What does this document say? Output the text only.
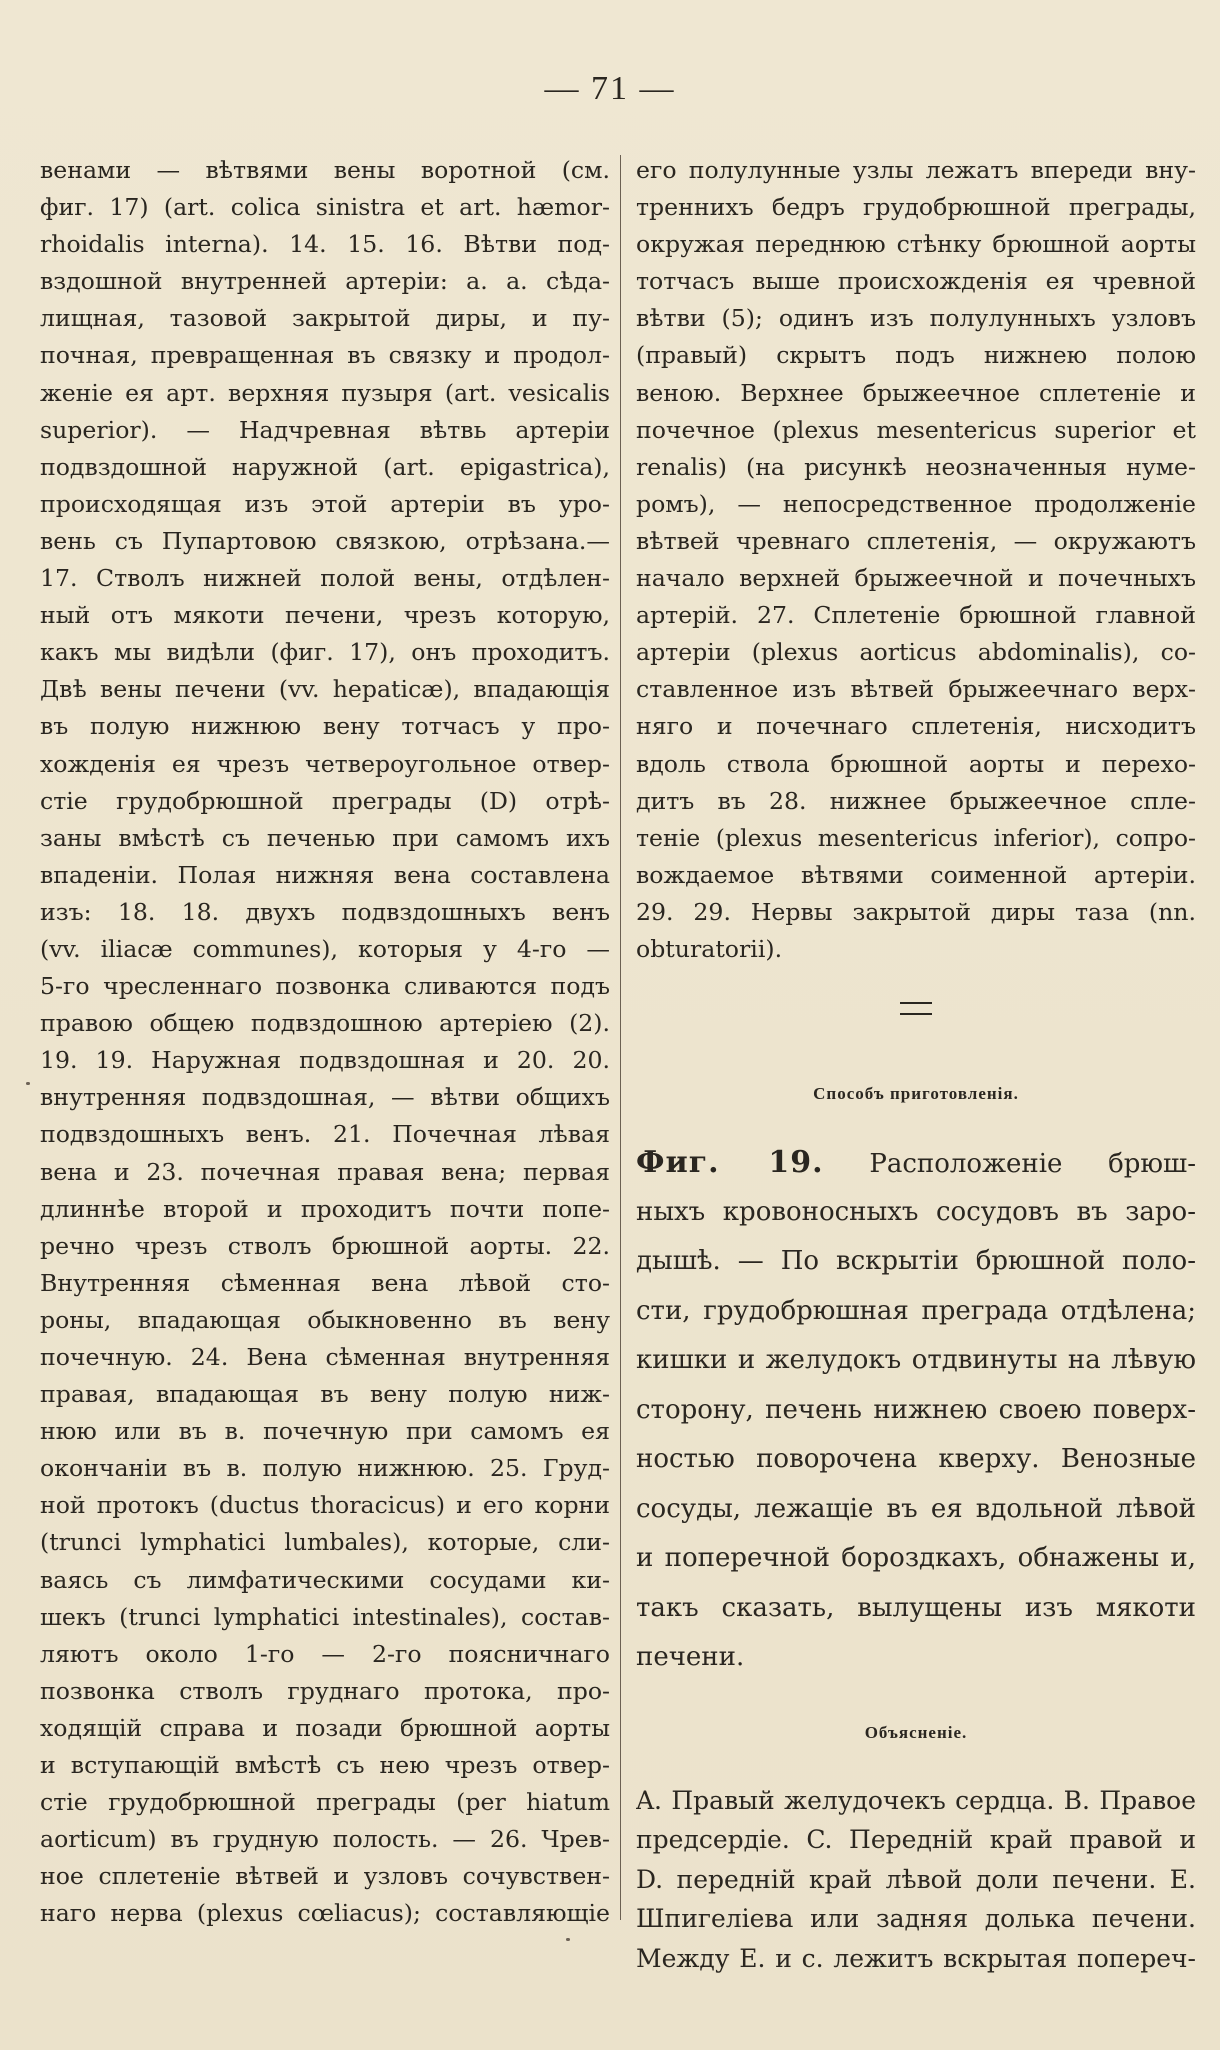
— 71 —
венами — вѣтвями вены воротной (см.
фиг. 17) (art. colica sinistra et art. hæmor-
rhoidalis interna). 14. 15. 16. Вѣтви под-
вздошной внутренней артеріи: a. a. сѣда-
лищная, тазовой закрытой диры, и пу-
почная, превращенная въ связку и продол-
женіе ея арт. верхняя пузыря (art. vesicalis
superior). — Надчревная вѣтвь артеріи
подвздошной наружной (art. epigastrica),
происходящая изъ этой артеріи въ уро-
вень съ Пупартовою связкою, отрѣзана.—
17. Стволъ нижней полой вены, отдѣлен-
ный отъ мякоти печени, чрезъ которую,
какъ мы видѣли (фиг. 17), онъ проходитъ.
Двѣ вены печени (vv. hepaticæ), впадающія
въ полую нижнюю вену тотчасъ у про-
хожденія ея чрезъ четвероугольное отвер-
стіе грудобрюшной преграды (D) отрѣ-
заны вмѣстѣ съ печенью при самомъ ихъ
впаденіи. Полая нижняя вена составлена
изъ: 18. 18. двухъ подвздошныхъ венъ
(vv. iliacæ communes), которыя у 4-го —
5-го чресленнаго позвонка сливаются подъ
правою общею подвздошною артеріею (2).
19. 19. Наружная подвздошная и 20. 20.
внутренняя подвздошная, — вѣтви общихъ
подвздошныхъ венъ. 21. Почечная лѣвая
вена и 23. почечная правая вена; первая
длиннѣе второй и проходитъ почти попе-
речно чрезъ стволъ брюшной аорты. 22.
Внутренняя сѣменная вена лѣвой сто-
роны, впадающая обыкновенно въ вену
почечную. 24. Вена сѣменная внутренняя
правая, впадающая въ вену полую ниж-
нюю или въ в. почечную при самомъ ея
окончаніи въ в. полую нижнюю. 25. Груд-
ной протокъ (ductus thoracicus) и его корни
(trunci lymphatici lumbales), которые, сли-
ваясь съ лимфатическими сосудами ки-
шекъ (trunci lymphatici intestinales), состав-
ляютъ около 1-го — 2-го поясничнаго
позвонка стволъ груднаго протока, про-
ходящій справа и позади брюшной аорты
и вступающій вмѣстѣ съ нею чрезъ отвер-
стіе грудобрюшной преграды (per hiatum
aorticum) въ грудную полость. — 26. Чрев-
ное сплетеніе вѣтвей и узловъ сочувствен-
наго нерва (plexus cœliacus); составляющіе
его полулунные узлы лежатъ впереди вну-
треннихъ бедръ грудобрюшной преграды,
окружая переднюю стѣнку брюшной аорты
тотчасъ выше происхожденія ея чревной
вѣтви (5); одинъ изъ полулунныхъ узловъ
(правый) скрытъ подъ нижнею полою
веною. Верхнее брыжеечное сплетеніе и
почечное (plexus mesentericus superior et
renalis) (на рисункѣ неозначенныя нуме-
ромъ), — непосредственное продолженіе
вѣтвей чревнаго сплетенія, — окружаютъ
начало верхней брыжеечной и почечныхъ
артерій. 27. Сплетеніе брюшной главной
артеріи (plexus aorticus abdominalis), со-
ставленное изъ вѣтвей брыжеечнаго верх-
няго и почечнаго сплетенія, нисходитъ
вдоль ствола брюшной аорты и перехо-
дитъ въ 28. нижнее брыжеечное спле-
теніе (plexus mesentericus inferior), сопро-
вождаемое вѣтвями соименной артеріи.
29. 29. Нервы закрытой диры таза (nn.
obturatorii).
Способъ приготовленія.
Фиг. 19. Расположеніе брюш-
ныхъ кровоносныхъ сосудовъ въ заро-
дышѣ. — По вскрытіи брюшной поло-
сти, грудобрюшная преграда отдѣлена;
кишки и желудокъ отдвинуты на лѣвую
сторону, печень нижнею своею поверх-
ностью поворочена кверху. Венозные
сосуды, лежащіе въ ея вдольной лѣвой
и поперечной бороздкахъ, обнажены и,
такъ сказать, вылущены изъ мякоти
печени.
Объясненіе.
A. Правый желудочекъ сердца. B. Правое
предсердіе. C. Передній край правой и
D. передній край лѣвой доли печени. E.
Шпигеліева или задняя долька печени.
Между E. и c. лежитъ вскрытая попереч-
